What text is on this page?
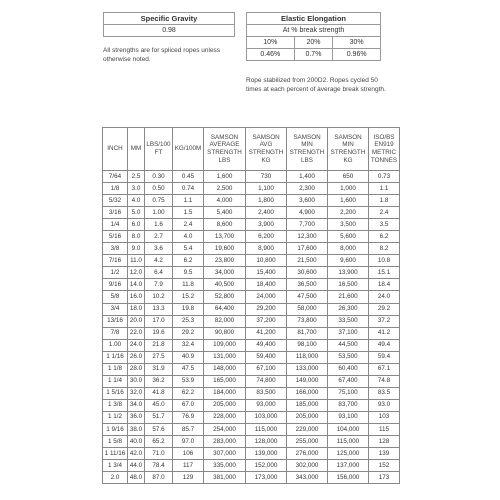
Specific Gravity
0.98
Elastic Elongation		
At % break strength		
10%	20%	30%
0.46%	0.7%	0.96%
All strengths are for spliced ropes unless otherwise noted.
Rope stabilized from 200D2. Ropes cycled 50 times at each percent of average break strength.
INCH	MM	LBS/100 FT	KG/100M	SAMSON AVERAGE STRENGTH LBS	SAMSON AVG STRENGTH KG	SAMSON MIN STRENGTH LBS	SAMSON MIN STRENGTH KG	ISO/BS EN919 METRIC TONNES
7/64	2.5	0.30	0.45	1,600	730	1,400	650	0.73
1/8	3.0	0.50	0.74	2,500	1,100	2,300	1,000	1.1
5/32	4.0	0.75	1.1	4,000	1,800	3,600	1,600	1.8
3/16	5.0	1.00	1.5	5,400	2,400	4,900	2,200	2.4
1/4	6.0	1.6	2.4	8,600	3,900	7,700	3,500	3.5
5/16	8.0	2.7	4.0	13,700	6,200	12,300	5,600	6.2
3/8	9.0	3.6	5.4	19,600	8,900	17,600	8,000	8.2
7/16	11.0	4.2	6.2	23,800	10,800	21,500	9,600	10.8
1/2	12.0	6.4	9.5	34,000	15,400	30,600	13,900	15.1
9/16	14.0	7.9	11.8	40,500	18,400	36,500	16,500	18.4
5/8	16.0	10.2	15.2	52,800	24,000	47,500	21,600	24.0
3/4	18.0	13.3	19.8	64,400	29,200	58,000	26,300	29.2
13/16	20.0	17.0	25.3	82,000	37,200	73,800	33,500	37.2
7/8	22.0	19.6	29.2	90,800	41,200	81,700	37,100	41.2
1.00	24.0	21.8	32.4	109,000	49,400	98,100	44,500	49.4
1 1/16	26.0	27.5	40.9	131,000	59,400	118,000	53,500	59.4
1 1/8	28.0	31.9	47.5	148,000	67,100	133,000	60,400	67.1
1 1/4	30.0	36.2	53.9	165,000	74,800	149,000	67,400	74.8
1 5/16	32.0	41.8	62.2	184,000	83,500	166,000	75,100	83.5
1 3/8	34.0	45.0	67.0	205,000	93,000	185,000	83,700	93.0
1 1/2	36.0	51.7	76.9	228,000	103,000	205,000	93,100	103
1 9/16	38.0	57.6	85.7	254,000	115,000	229,000	104,000	115
1 5/8	40.0	65.2	97.0	283,000	128,000	255,000	115,000	128
1 11/16	42.0	71.0	106	307,000	139,000	276,000	125,000	139
1 3/4	44.0	78.4	117	335,000	152,000	302,000	137,000	152
2.0	48.0	87.0	129	381,000	173,000	343,000	156,000	173
